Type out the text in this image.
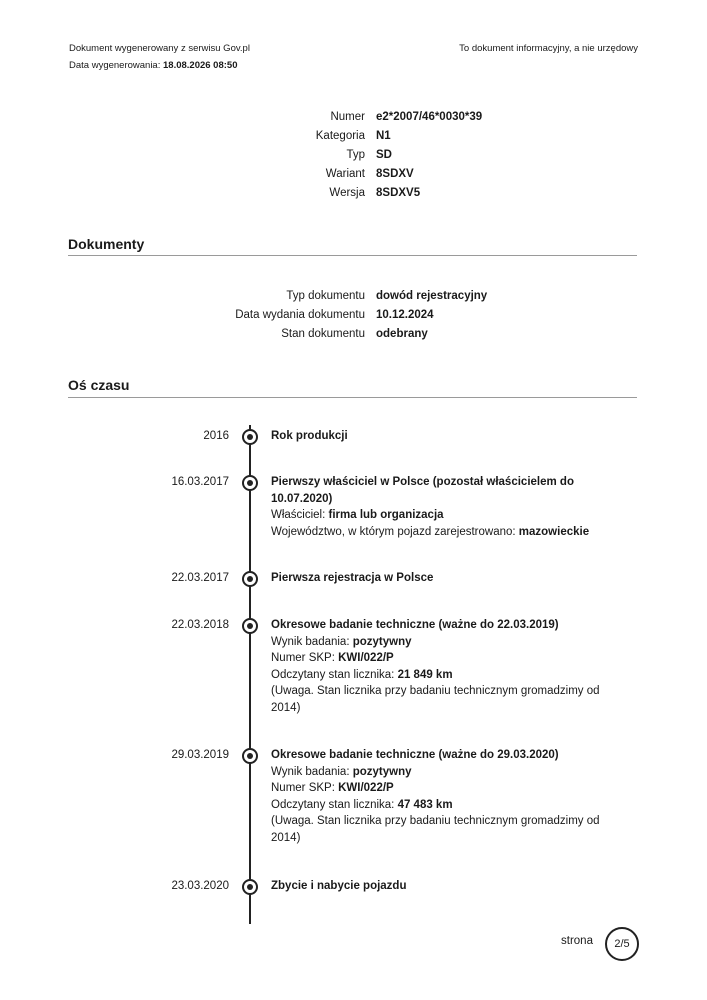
Dokument wygenerowany z serwisu Gov.pl
Data wygenerowania: 18.08.2026 08:50
To dokument informacyjny, a nie urzędowy
Numer e2*2007/46*0030*39
Kategoria N1
Typ SD
Wariant 8SDXV
Wersja 8SDXV5
Dokumenty
Typ dokumentu dowód rejestracyjny
Data wydania dokumentu 10.12.2024
Stan dokumentu odebrany
Oś czasu
2016	Rok produkcji
16.03.2017	Pierwszy właściciel w Polsce (pozostał właścicielem do 10.07.2020)
Właściciel: firma lub organizacja
Województwo, w którym pojazd zarejestrowano: mazowieckie
22.03.2017	Pierwsza rejestracja w Polsce
22.03.2018	Okresowe badanie techniczne (ważne do 22.03.2019)
Wynik badania: pozytywny
Numer SKP: KWI/022/P
Odczytany stan licznika: 21 849 km
(Uwaga. Stan licznika przy badaniu technicznym gromadzimy od 2014)
29.03.2019	Okresowe badanie techniczne (ważne do 29.03.2020)
Wynik badania: pozytywny
Numer SKP: KWI/022/P
Odczytany stan licznika: 47 483 km
(Uwaga. Stan licznika przy badaniu technicznym gromadzimy od 2014)
23.03.2020	Zbycie i nabycie pojazdu
strona	2/5
